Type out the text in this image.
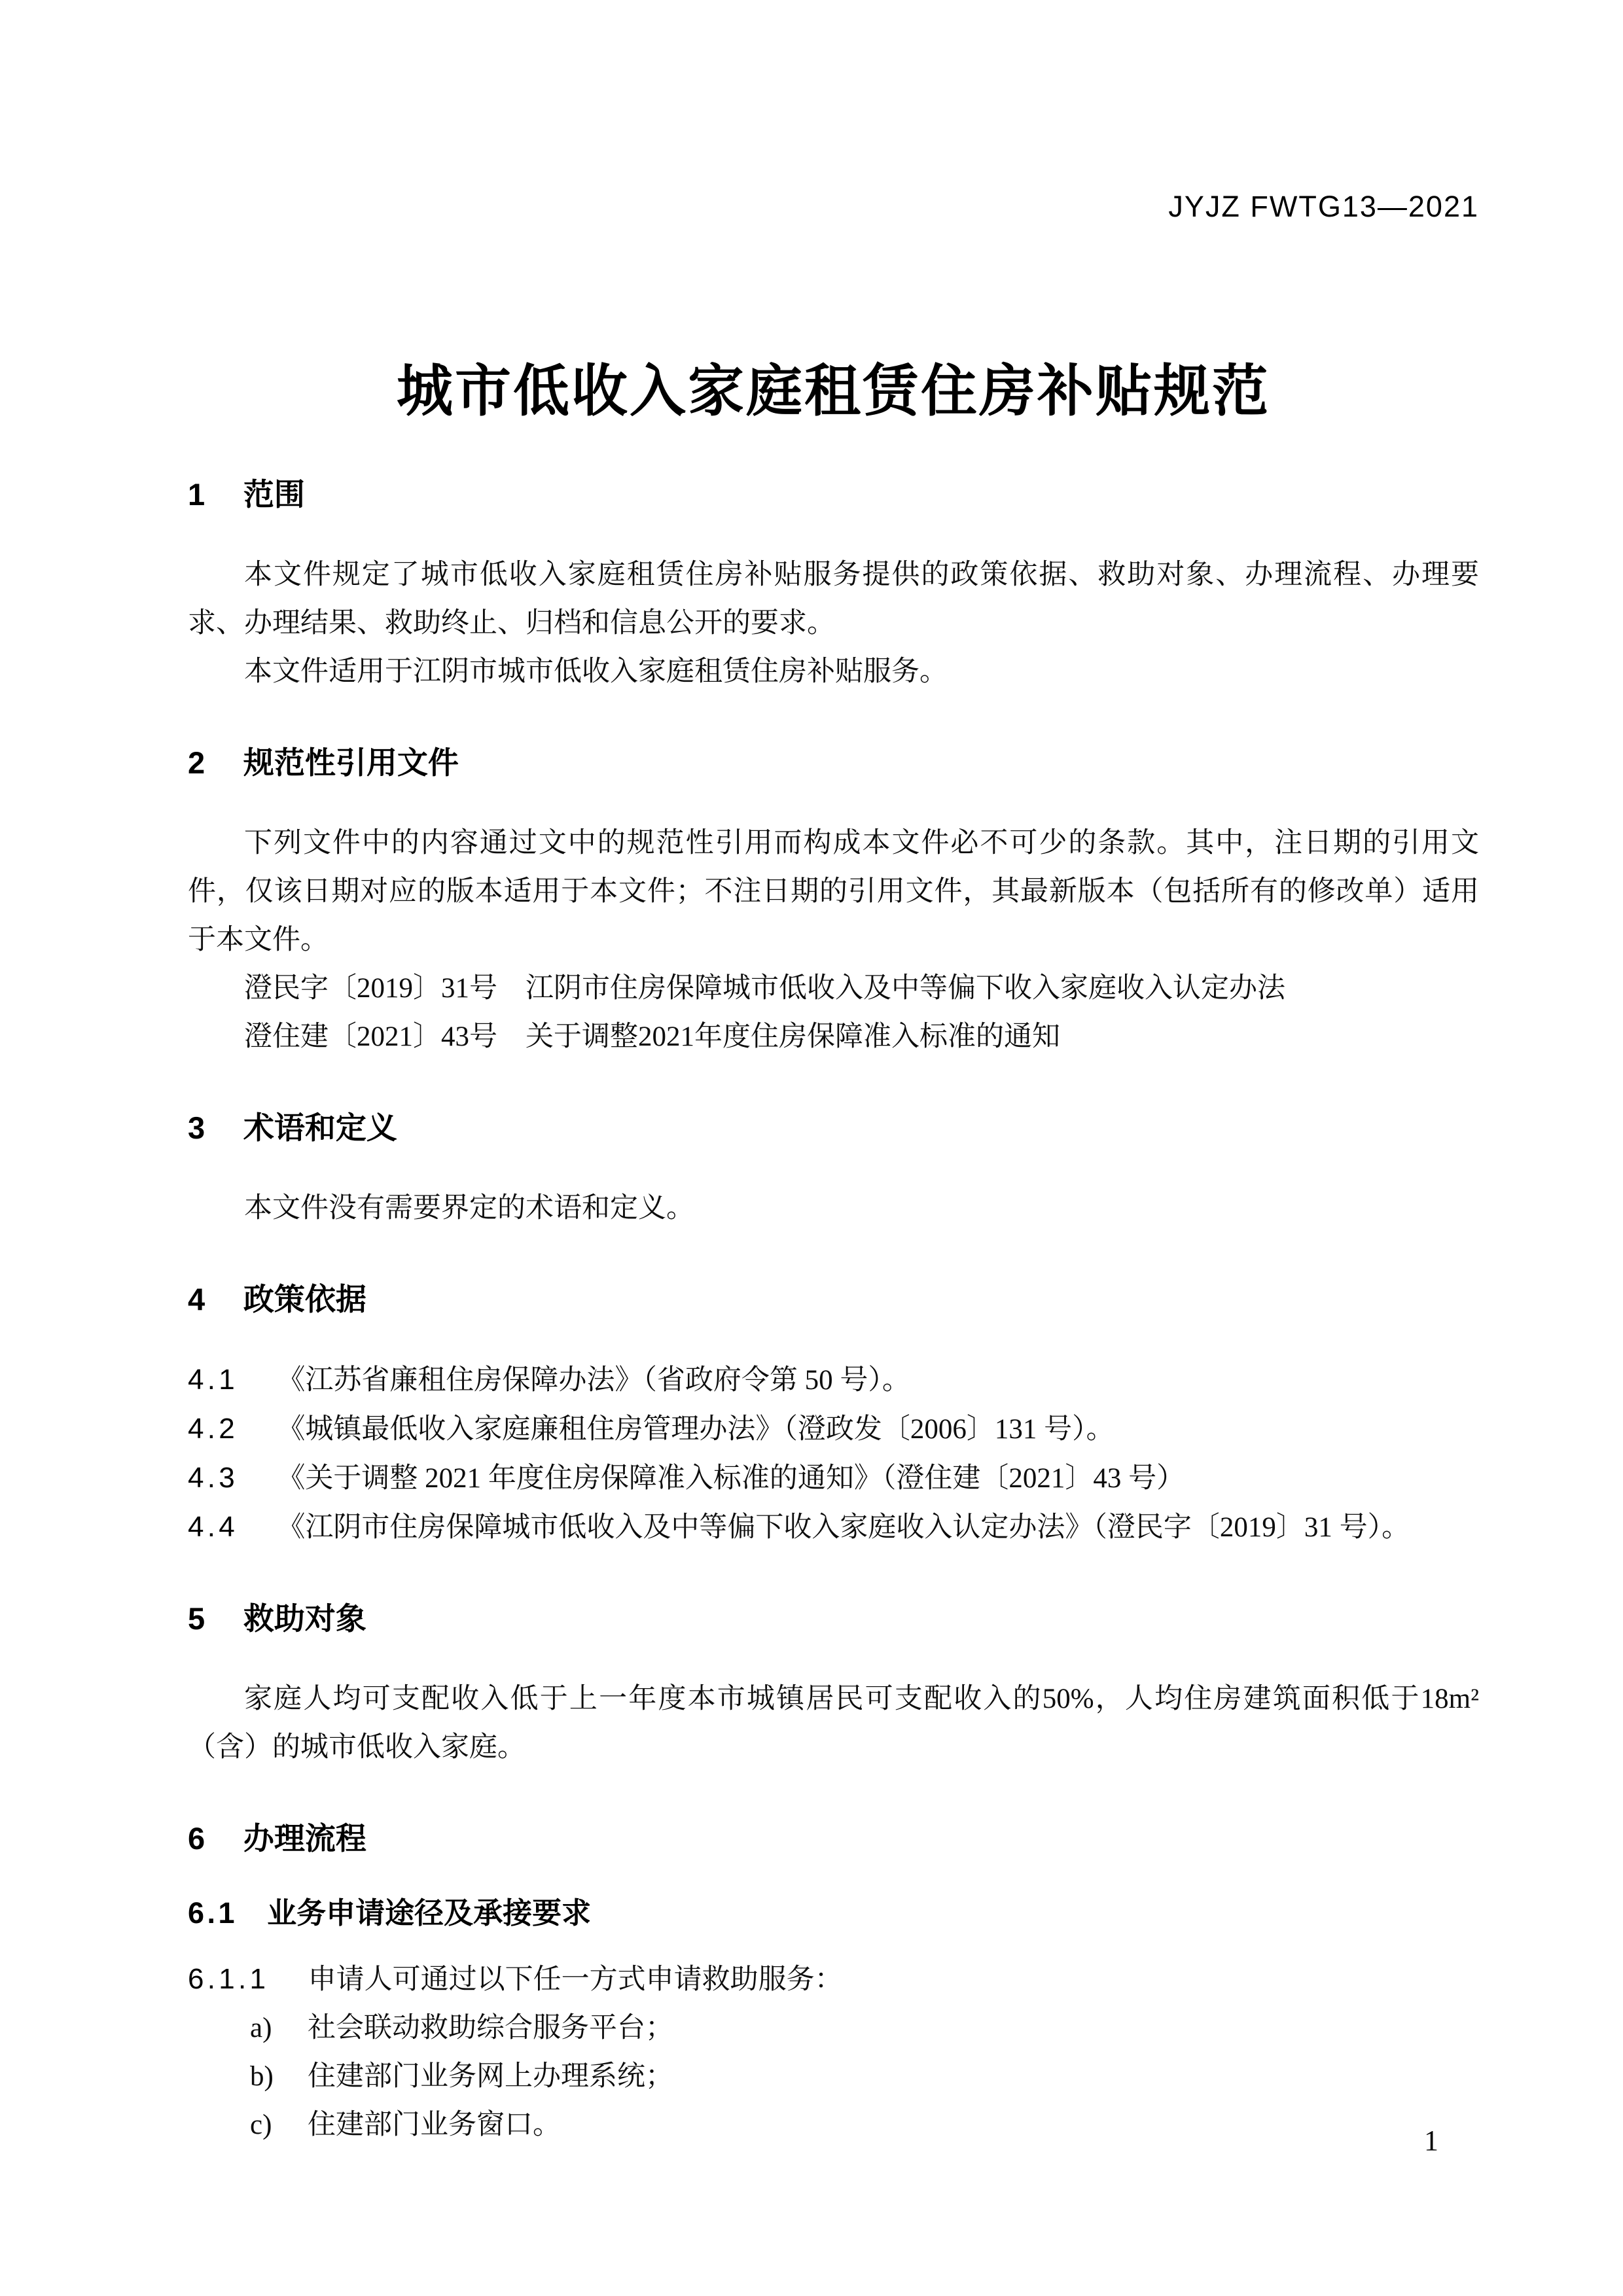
JYJZ FWTG13—2021
城市低收入家庭租赁住房补贴规范
1 范围
本文件规定了城市低收入家庭租赁住房补贴服务提供的政策依据、救助对象、办理流程、办理要求、办理结果、救助终止、归档和信息公开的要求。
本文件适用于江阴市城市低收入家庭租赁住房补贴服务。
2 规范性引用文件
下列文件中的内容通过文中的规范性引用而构成本文件必不可少的条款。其中，注日期的引用文件，仅该日期对应的版本适用于本文件；不注日期的引用文件，其最新版本（包括所有的修改单）适用于本文件。
澄民字〔2019〕31号　江阴市住房保障城市低收入及中等偏下收入家庭收入认定办法
澄住建〔2021〕43号　关于调整2021年度住房保障准入标准的通知
3 术语和定义
本文件没有需要界定的术语和定义。
4 政策依据
4.1 《江苏省廉租住房保障办法》（省政府令第 50 号）。
4.2 《城镇最低收入家庭廉租住房管理办法》（澄政发〔2006〕131 号）。
4.3 《关于调整 2021 年度住房保障准入标准的通知》（澄住建〔2021〕43 号）
4.4 《江阴市住房保障城市低收入及中等偏下收入家庭收入认定办法》（澄民字〔2019〕31 号）。
5 救助对象
家庭人均可支配收入低于上一年度本市城镇居民可支配收入的50%，人均住房建筑面积低于18m²（含）的城市低收入家庭。
6 办理流程
6.1 业务申请途径及承接要求
6.1.1 申请人可通过以下任一方式申请救助服务：
a)	社会联动救助综合服务平台；
b)	住建部门业务网上办理系统；
c)	住建部门业务窗口。	1
